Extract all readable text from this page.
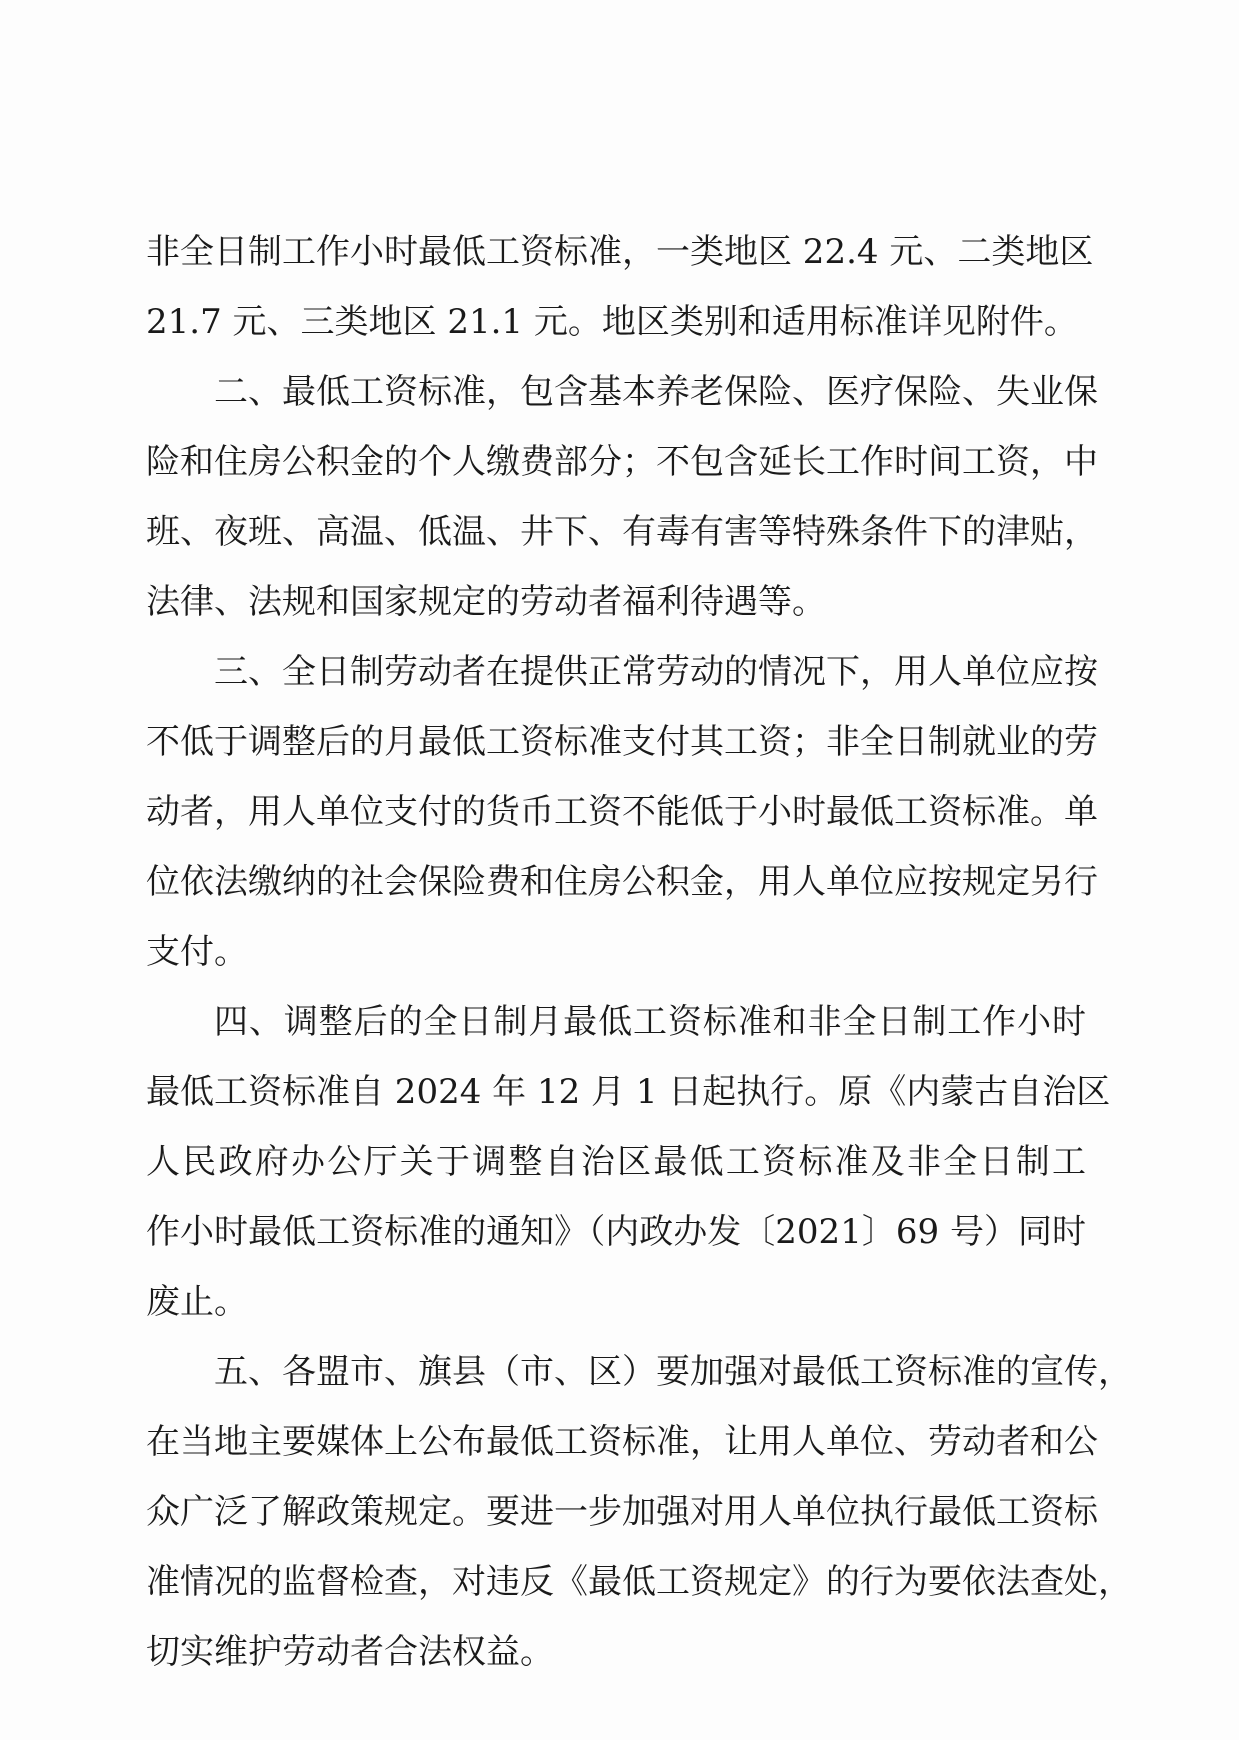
非全日制工作小时最低工资标准，一类地区 22.4 元、二类地区
21.7 元、三类地区 21.1 元。地区类别和适用标准详见附件。
二、最低工资标准，包含基本养老保险、医疗保险、失业保
险和住房公积金的个人缴费部分；不包含延长工作时间工资，中
班、夜班、高温、低温、井下、有毒有害等特殊条件下的津贴，
法律、法规和国家规定的劳动者福利待遇等。
三、全日制劳动者在提供正常劳动的情况下，用人单位应按
不低于调整后的月最低工资标准支付其工资；非全日制就业的劳
动者，用人单位支付的货币工资不能低于小时最低工资标准。单
位依法缴纳的社会保险费和住房公积金，用人单位应按规定另行
支付。
四、调整后的全日制月最低工资标准和非全日制工作小时
最低工资标准自 2024 年 12 月 1 日起执行。原《内蒙古自治区
人民政府办公厅关于调整自治区最低工资标准及非全日制工
作小时最低工资标准的通知》（内政办发〔2021〕69 号）同时
废止。
五、各盟市、旗县（市、区）要加强对最低工资标准的宣传，
在当地主要媒体上公布最低工资标准，让用人单位、劳动者和公
众广泛了解政策规定。要进一步加强对用人单位执行最低工资标
准情况的监督检查，对违反《最低工资规定》的行为要依法查处，
切实维护劳动者合法权益。
